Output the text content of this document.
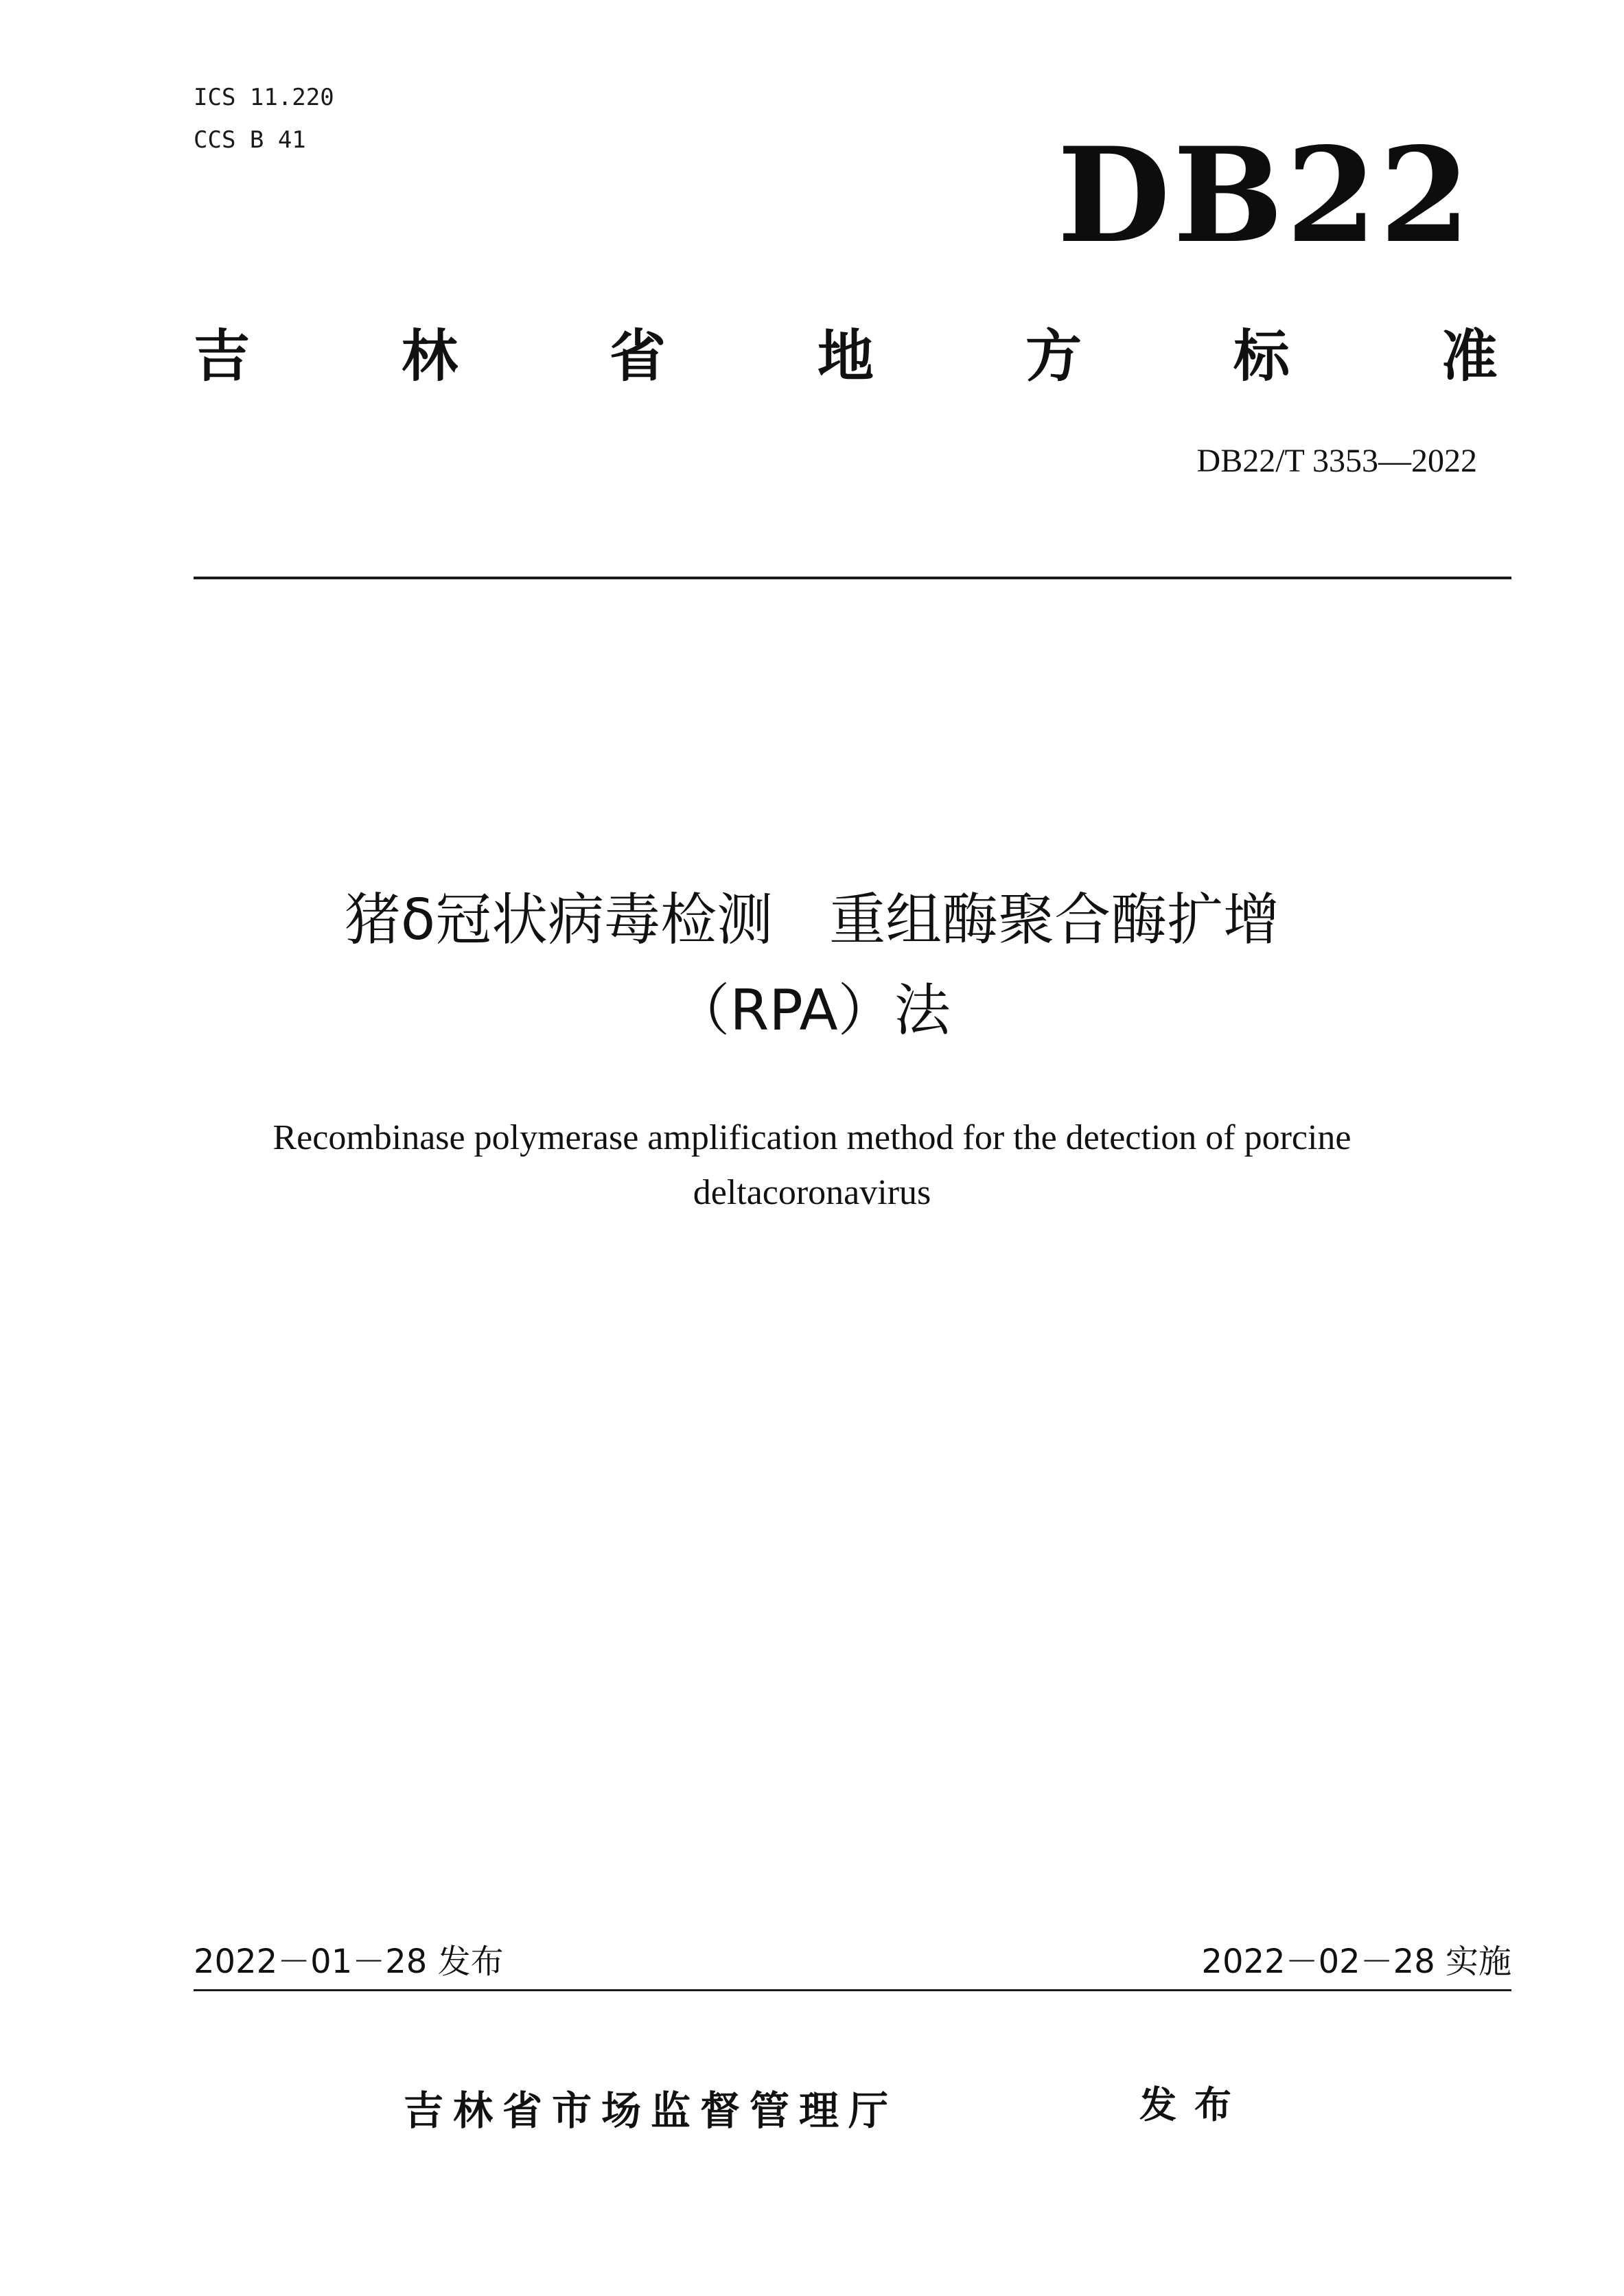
ICS 11.220
CCS B 41	DB22
吉	林	省	地	方	标	准
DB22/T 3353—2022
猪δ冠状病毒检测　重组酶聚合酶扩增
（RPA）法
Recombinase polymerase amplification method for the detection of porcine
deltacoronavirus
2022－01－28 发布	2022－02－28 实施
吉林省市场监督管理厅	发布
